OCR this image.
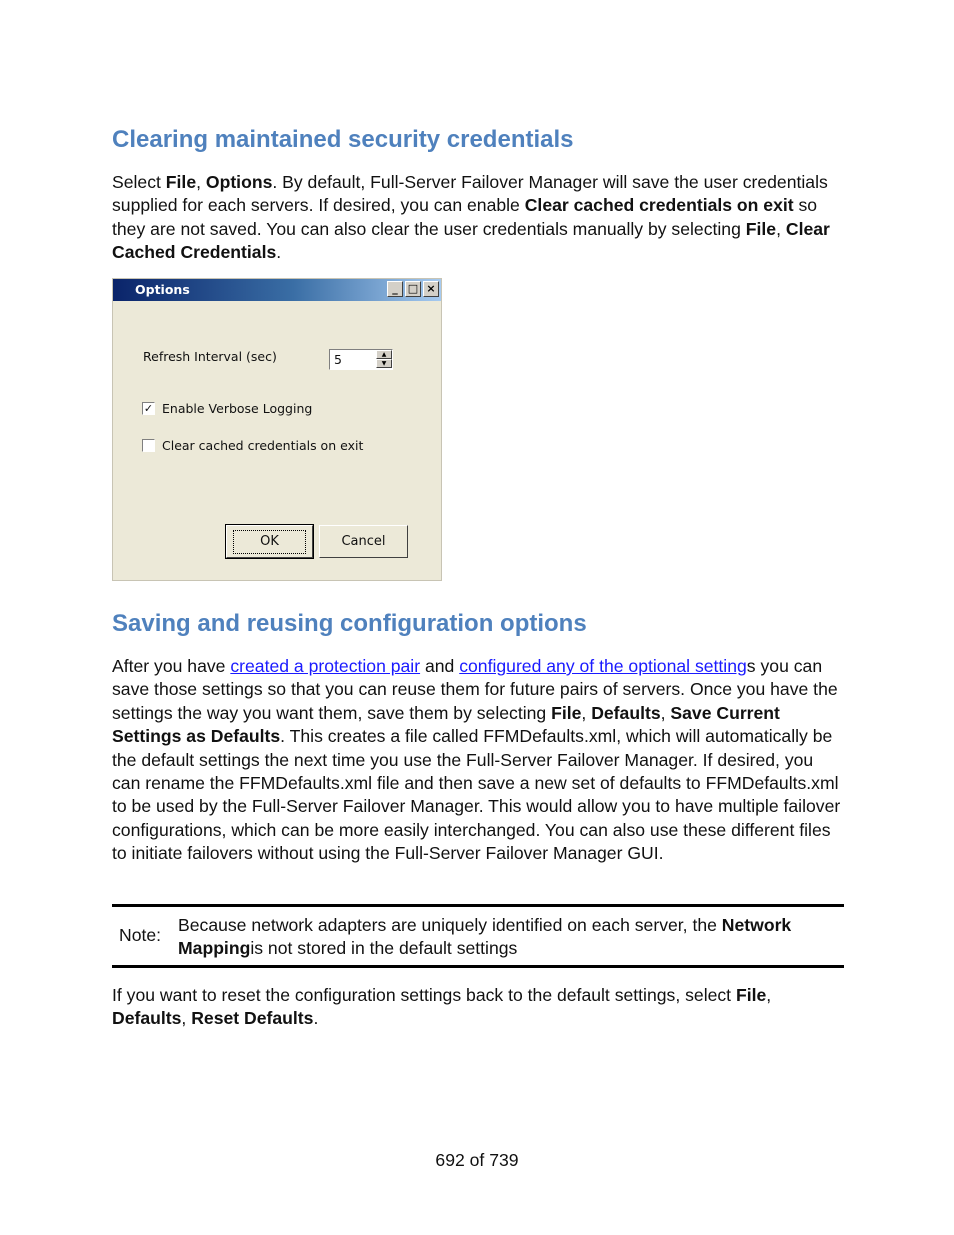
Clearing maintained security credentials

Select File, Options. By default, Full-Server Failover Manager will save the user credentials supplied for each servers. If desired, you can enable Clear cached credentials on exit so they are not saved. You can also clear the user credentials manually by selecting File, Clear Cached Credentials.

Options	_ □ ×
Refresh Interval (sec)	5	▲
▼
✓ Enable Verbose Logging
Clear cached credentials on exit
OK	Cancel
Saving and reusing configuration options

After you have created a protection pair and configured any of the optional settings you can save those settings so that you can reuse them for future pairs of servers. Once you have the settings the way you want them, save them by selecting File, Defaults, Save Current Settings as Defaults. This creates a file called FFMDefaults.xml, which will automatically be the default settings the next time you use the Full-Server Failover Manager. If desired, you can rename the FFMDefaults.xml file and then save a new set of defaults to FFMDefaults.xml to be used by the Full-Server Failover Manager. This would allow you to have multiple failover configurations, which can be more easily interchanged. You can also use these different files to initiate failovers without using the Full-Server Failover Manager GUI.

Note: Because network adapters are uniquely identified on each server, the Network Mappingis not stored in the default settings

If you want to reset the configuration settings back to the default settings, select File, Defaults, Reset Defaults.

692 of 739
